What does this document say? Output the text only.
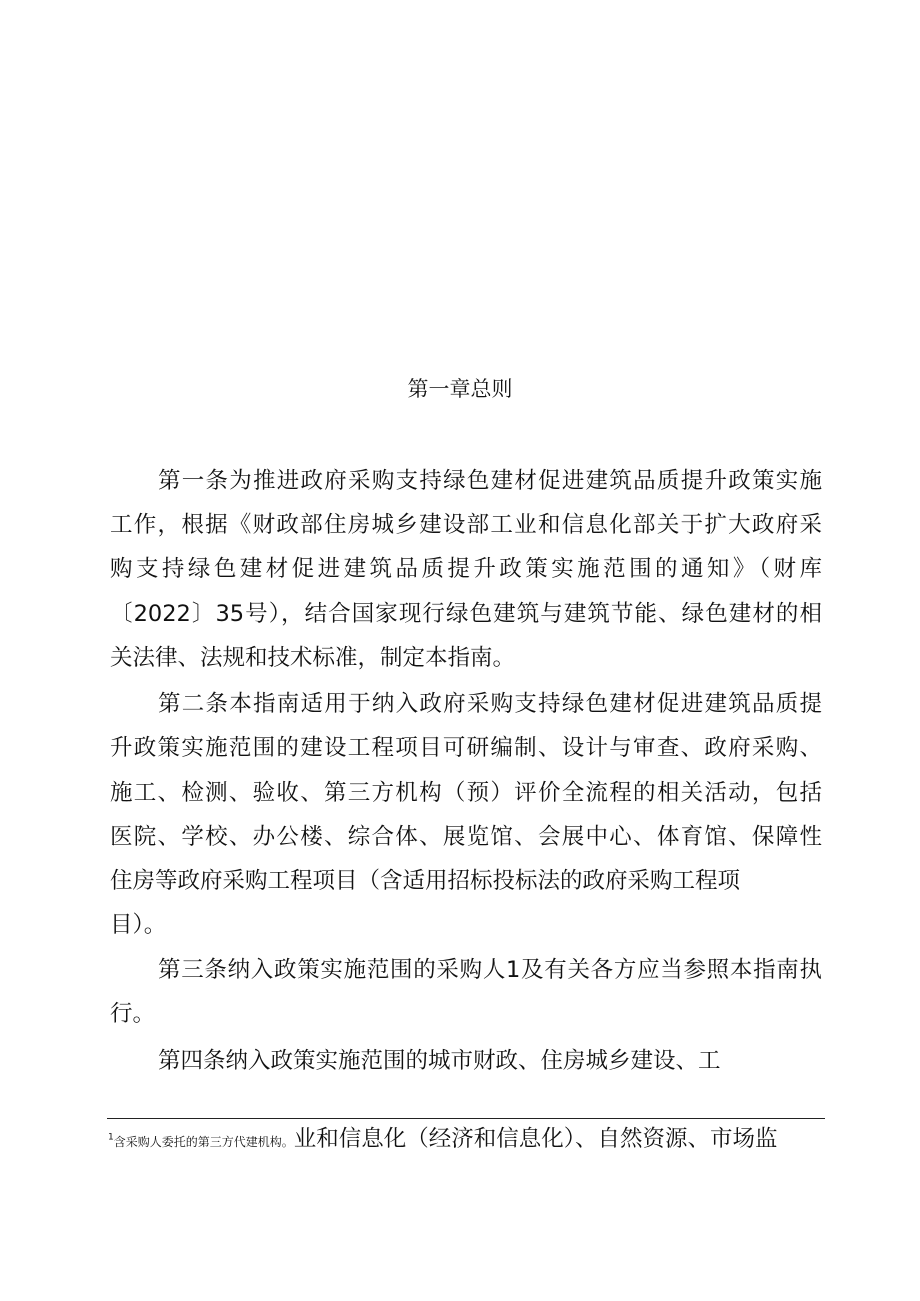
第一章总则
第一条为推进政府采购支持绿色建材促进建筑品质提升政策实施
工作，根据《财政部住房城乡建设部工业和信息化部关于扩大政府采
购支持绿色建材促进建筑品质提升政策实施范围的通知》（财库
〔2022〕35号），结合国家现行绿色建筑与建筑节能、绿色建材的相
关法律、法规和技术标准，制定本指南。
第二条本指南适用于纳入政府采购支持绿色建材促进建筑品质提
升政策实施范围的建设工程项目可研编制、设计与审查、政府采购、
施工、检测、验收、第三方机构（预）评价全流程的相关活动，包括
医院、学校、办公楼、综合体、展览馆、会展中心、体育馆、保障性
住房等政府采购工程项目（含适用招标投标法的政府采购工程项
目）。
第三条纳入政策实施范围的采购人1及有关各方应当参照本指南执
行。
第四条纳入政策实施范围的城市财政、住房城乡建设、工
$^1$含采购人委托的第三方代建机构。业和信息化（经济和信息化）、自然资源、市场监
